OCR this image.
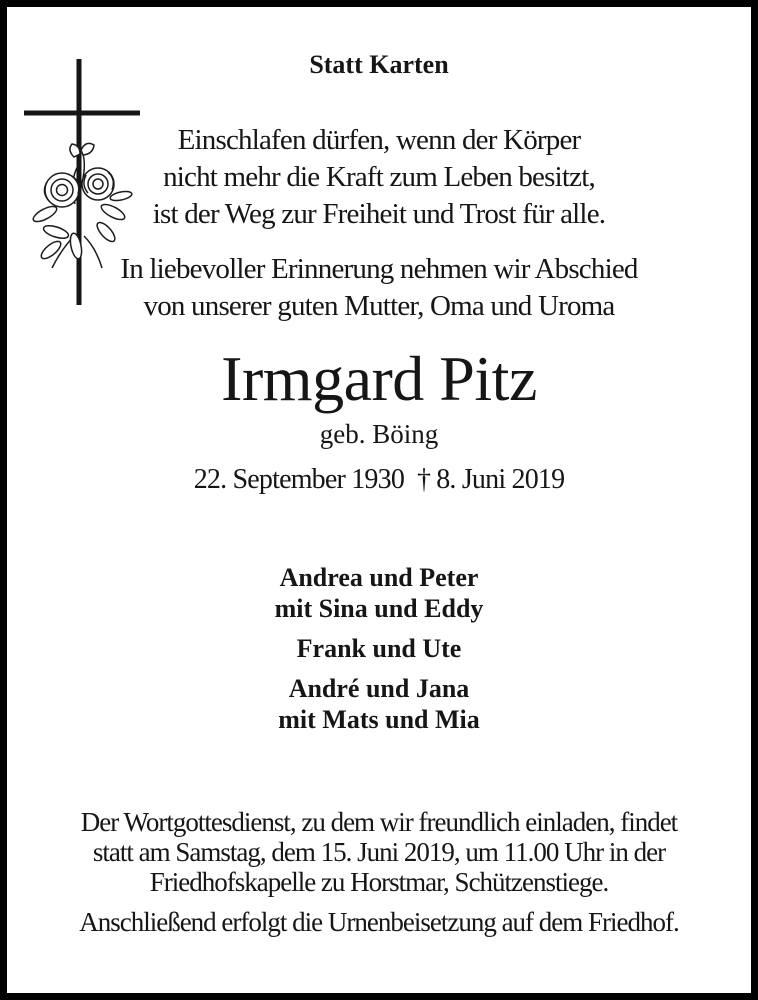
Statt Karten
Einschlafen dürfen, wenn der Körper
nicht mehr die Kraft zum Leben besitzt,
ist der Weg zur Freiheit und Trost für alle.
In liebevoller Erinnerung nehmen wir Abschied
von unserer guten Mutter, Oma und Uroma
Irmgard Pitz
geb. Böing
22. September 1930 † 8. Juni 2019
Andrea und Peter
mit Sina und Eddy
Frank und Ute
André und Jana
mit Mats und Mia
Der Wortgottesdienst, zu dem wir freundlich einladen, findet
statt am Samstag, dem 15. Juni 2019, um 11.00 Uhr in der
Friedhofskapelle zu Horstmar, Schützenstiege.
Anschließend erfolgt die Urnenbeisetzung auf dem Friedhof.
